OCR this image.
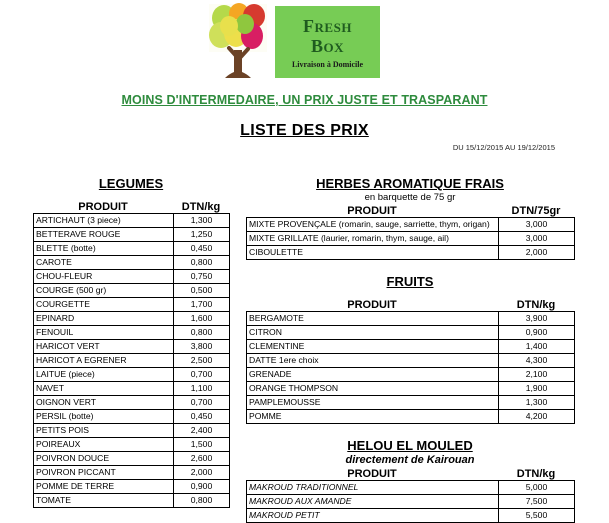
Fresh
Box
Livraison à Domicile
MOINS D'INTERMEDAIRE, UN PRIX JUSTE ET TRASPARANT
LISTE DES PRIX
DU 15/12/2015 AU 19/12/2015
LEGUMES
PRODUIT	DTN/kg
ARTICHAUT (3 piece)	1,300
BETTERAVE ROUGE	1,250
BLETTE (botte)	0,450
CAROTE	0,800
CHOU-FLEUR	0,750
COURGE (500 gr)	0,500
COURGETTE	1,700
EPINARD	1,600
FENOUIL	0,800
HARICOT VERT	3,800
HARICOT A EGRENER	2,500
LAITUE (piece)	0,700
NAVET	1,100
OIGNON VERT	0,700
PERSIL (botte)	0,450
PETITS POIS	2,400
POIREAUX	1,500
POIVRON DOUCE	2,600
POIVRON PICCANT	2,000
POMME DE TERRE	0,900
TOMATE	0,800
HERBES AROMATIQUE FRAIS
en barquette de 75 gr
PRODUIT	DTN/75gr
MIXTE PROVENÇALE (romarin, sauge, sarriette, thym, origan)	3,000
MIXTE GRILLATE (laurier, romarin, thym, sauge, ail)	3,000
CIBOULETTE	2,000
FRUITS
PRODUIT	DTN/kg
BERGAMOTE	3,900
CITRON	0,900
CLEMENTINE	1,400
DATTE 1ere choix	4,300
GRENADE	2,100
ORANGE THOMPSON	1,900
PAMPLEMOUSSE	1,300
POMME	4,200
HELOU EL MOULED
directement de Kairouan
PRODUIT	DTN/kg
MAKROUD TRADITIONNEL	5,000
MAKROUD AUX AMANDE	7,500
MAKROUD PETIT	5,500
